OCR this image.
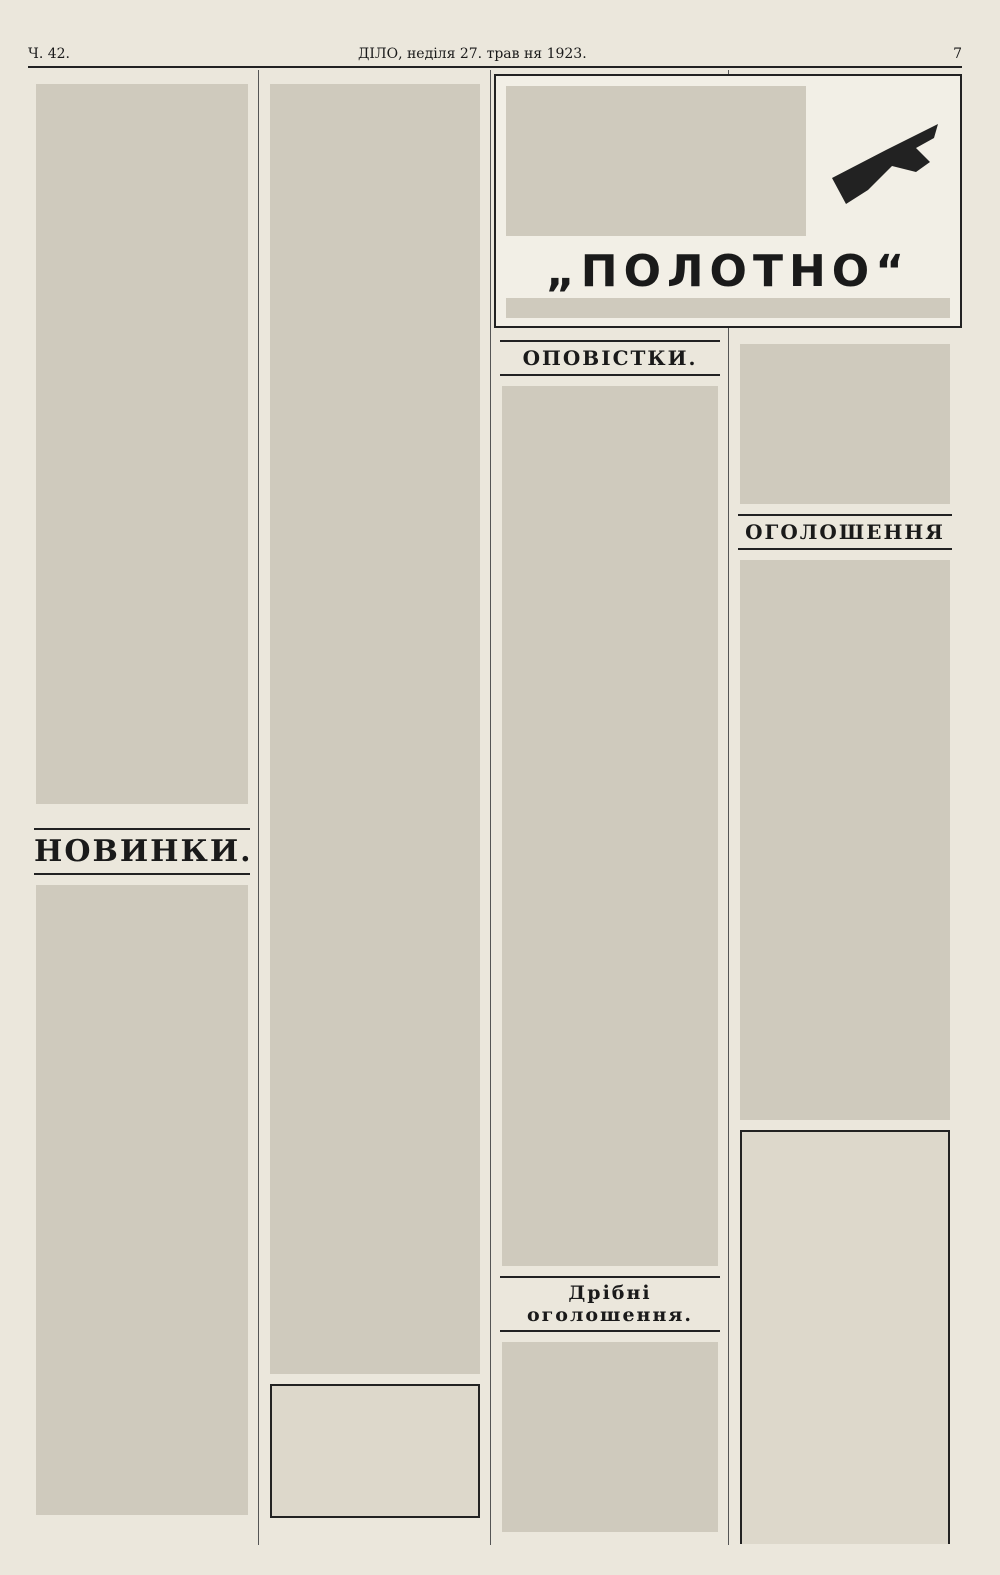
Ч. 42.	ДІЛО, неділя 27. трав ня 1923.	7
НОВИНКИ.
„ПОЛОТНО“
ОПОВІСТКИ.
Дрібні оголошення.
ОГОЛОШЕННЯ
